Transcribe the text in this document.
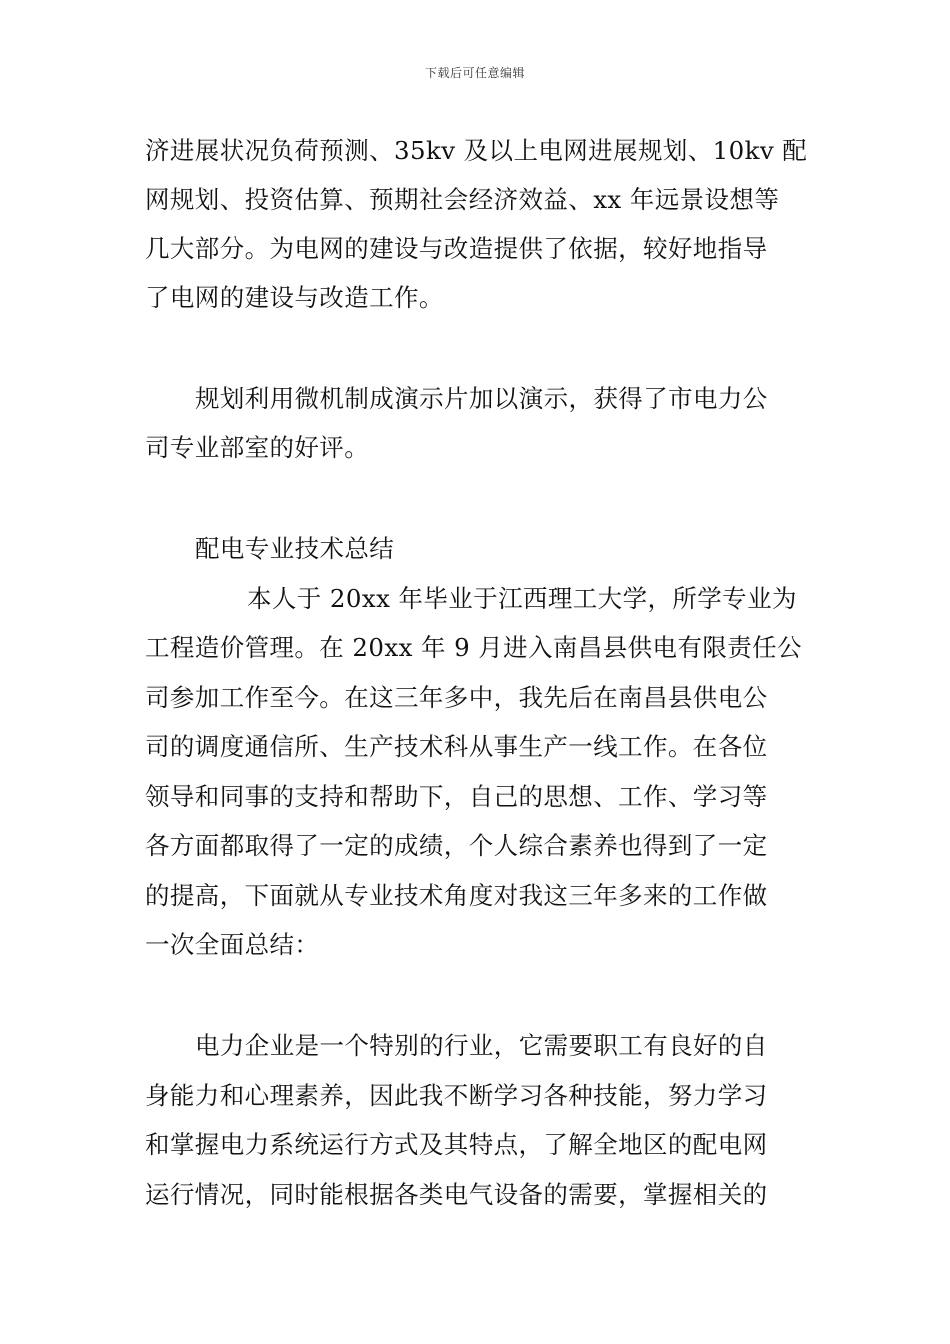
下载后可任意编辑
济进展状况负荷预测、35kv 及以上电网进展规划、10kv 配
网规划、投资估算、预期社会经济效益、xx 年远景设想等
几大部分。为电网的建设与改造提供了依据，较好地指导
了电网的建设与改造工作。
规划利用微机制成演示片加以演示，获得了市电力公
司专业部室的好评。
配电专业技术总结
本人于 20xx 年毕业于江西理工大学，所学专业为
工程造价管理。在 20xx 年 9 月进入南昌县供电有限责任公
司参加工作至今。在这三年多中，我先后在南昌县供电公
司的调度通信所、生产技术科从事生产一线工作。在各位
领导和同事的支持和帮助下，自己的思想、工作、学习等
各方面都取得了一定的成绩，个人综合素养也得到了一定
的提高，下面就从专业技术角度对我这三年多来的工作做
一次全面总结：
电力企业是一个特别的行业，它需要职工有良好的自
身能力和心理素养，因此我不断学习各种技能，努力学习
和掌握电力系统运行方式及其特点，了解全地区的配电网
运行情况，同时能根据各类电气设备的需要，掌握相关的
